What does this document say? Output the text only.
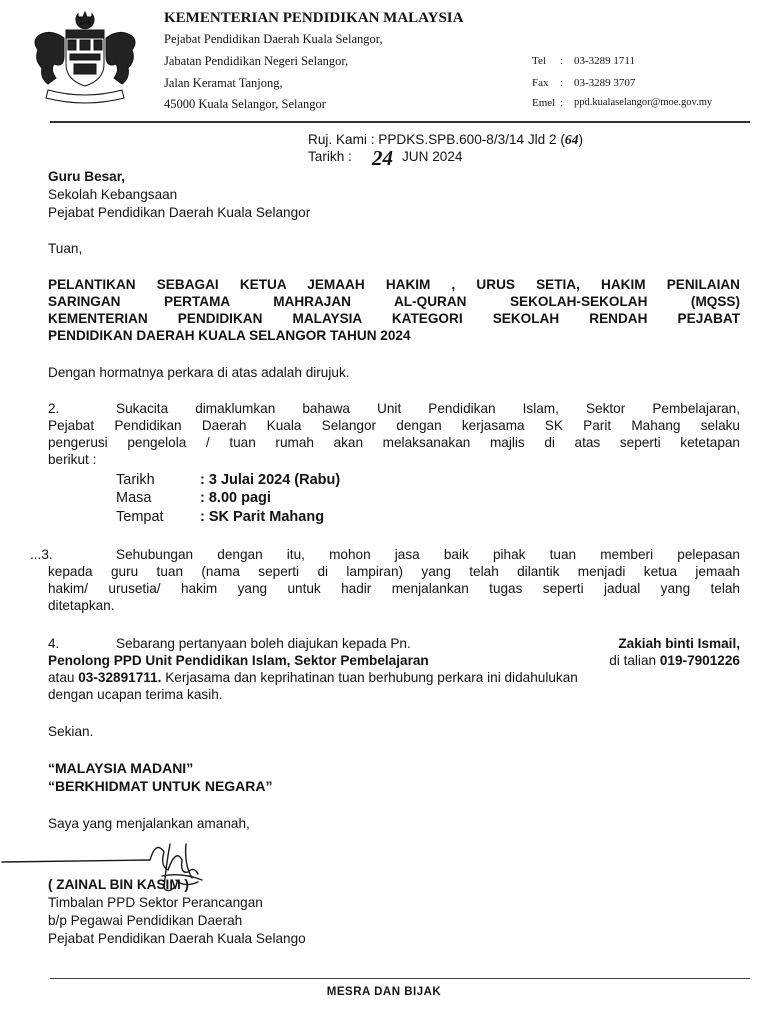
KEMENTERIAN PENDIDIKAN MALAYSIA
Pejabat Pendidikan Daerah Kuala Selangor,
Jabatan Pendidikan Negeri Selangor,
Jalan Keramat Tanjong,
45000 Kuala Selangor, Selangor
Tel : 03-3289 1711
Fax : 03-3289 3707
Emel : ppd.kualaselangor@moe.gov.my
Ruj. Kami : PPDKS.SPB.600-8/3/14 Jld 2 (64)
Tarikh : 24 JUN 2024
Guru Besar,
Sekolah Kebangsaan
Pejabat Pendidikan Daerah Kuala Selangor
Tuan,
PELANTIKAN SEBAGAI KETUA JEMAAH HAKIM , URUS SETIA, HAKIM PENILAIAN
SARINGAN PERTAMA MAHRAJAN AL-QURAN SEKOLAH-SEKOLAH (MQSS)
KEMENTERIAN PENDIDIKAN MALAYSIA KATEGORI SEKOLAH RENDAH PEJABAT
PENDIDIKAN DAERAH KUALA SELANGOR TAHUN 2024
Dengan hormatnya perkara di atas adalah dirujuk.
2.	Sukacita dimaklumkan bahawa Unit Pendidikan Islam, Sektor Pembelajaran,
Pejabat Pendidikan Daerah Kuala Selangor dengan kerjasama SK Parit Mahang selaku
pengerusi pengelola / tuan rumah akan melaksanakan majlis di atas seperti ketetapan
berikut :
Tarikh	: 3 Julai 2024 (Rabu)
Masa	: 8.00 pagi
Tempat	: SK Parit Mahang
...3.	Sehubungan dengan itu, mohon jasa baik pihak tuan memberi pelepasan
kepada guru tuan (nama seperti di lampiran) yang telah dilantik menjadi ketua jemaah
hakim/ urusetia/ hakim yang untuk hadir menjalankan tugas seperti jadual yang telah
ditetapkan.
4.	Sebarang pertanyaan boleh diajukan kepada Pn.	Zakiah binti Ismail,
Penolong PPD Unit Pendidikan Islam, Sektor Pembelajaran	di talian 019-7901226
atau 03-32891711. Kerjasama dan keprihatinan tuan berhubung perkara ini didahulukan
dengan ucapan terima kasih.
Sekian.
“MALAYSIA MADANI”
“BERKHIDMAT UNTUK NEGARA”
Saya yang menjalankan amanah,
( ZAINAL BIN KASIM )
Timbalan PPD Sektor Perancangan
b/p Pegawai Pendidikan Daerah
Pejabat Pendidikan Daerah Kuala Selango
MESRA DAN BIJAK
